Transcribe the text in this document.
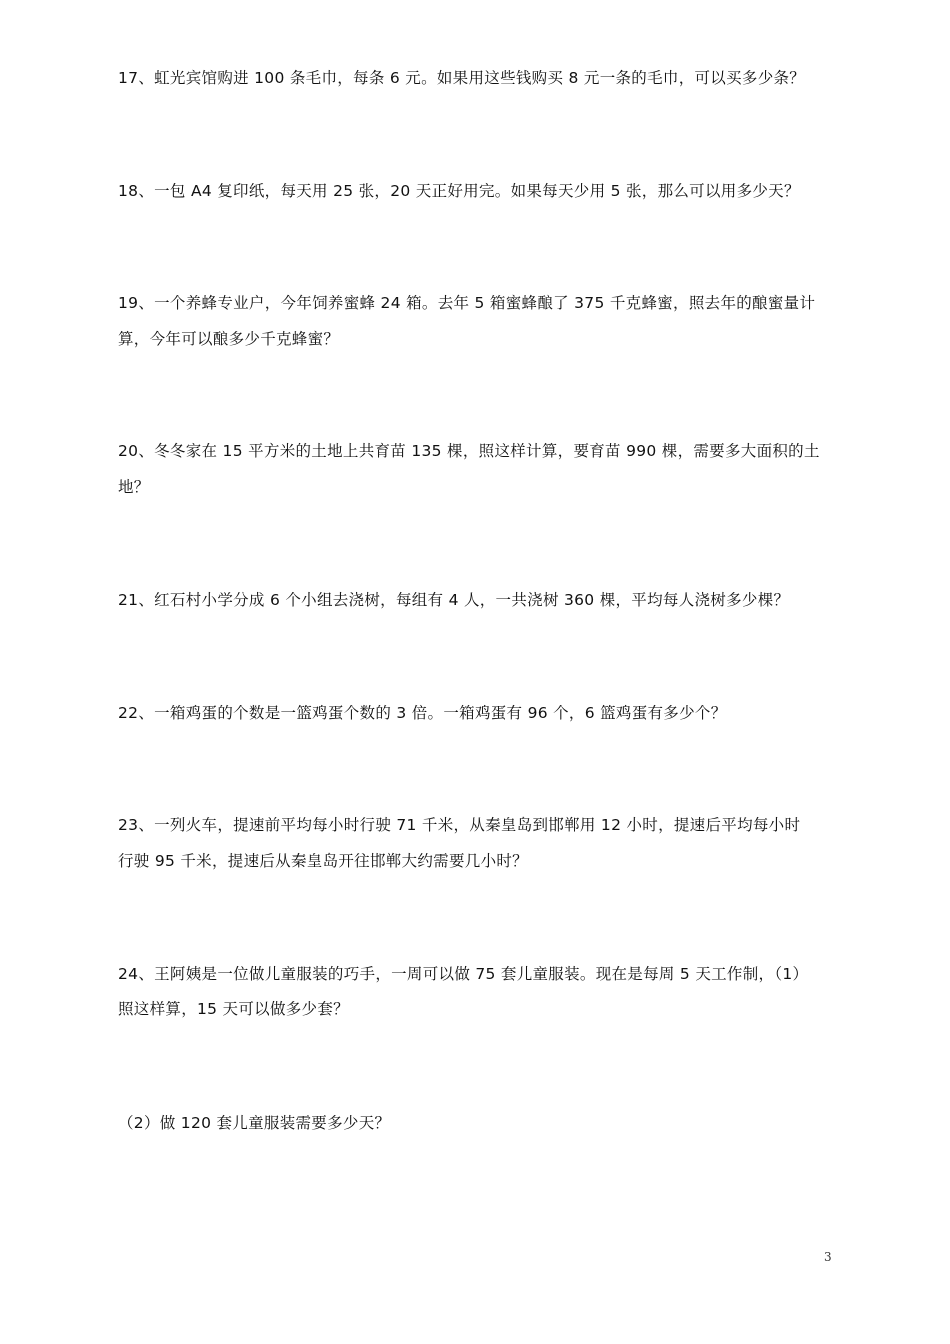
17、虹光宾馆购进 100 条毛巾，每条 6 元。如果用这些钱购买 8 元一条的毛巾，可以买多少条？

18、一包 A4 复印纸，每天用 25 张，20 天正好用完。如果每天少用 5 张，那么可以用多少天？

19、一个养蜂专业户，今年饲养蜜蜂 24 箱。去年 5 箱蜜蜂酿了 375 千克蜂蜜，照去年的酿蜜量计

算，今年可以酿多少千克蜂蜜？

20、冬冬家在 15 平方米的土地上共育苗 135 棵，照这样计算，要育苗 990 棵，需要多大面积的土

地？

21、红石村小学分成 6 个小组去浇树，每组有 4 人，一共浇树 360 棵，平均每人浇树多少棵？

22、一箱鸡蛋的个数是一篮鸡蛋个数的 3 倍。一箱鸡蛋有 96 个，6 篮鸡蛋有多少个？

23、一列火车，提速前平均每小时行驶 71 千米，从秦皇岛到邯郸用 12 小时，提速后平均每小时

行驶 95 千米，提速后从秦皇岛开往邯郸大约需要几小时？

24、王阿姨是一位做儿童服装的巧手，一周可以做 75 套儿童服装。现在是每周 5 天工作制，（1）

照这样算，15 天可以做多少套？

（2）做 120 套儿童服装需要多少天？

3
